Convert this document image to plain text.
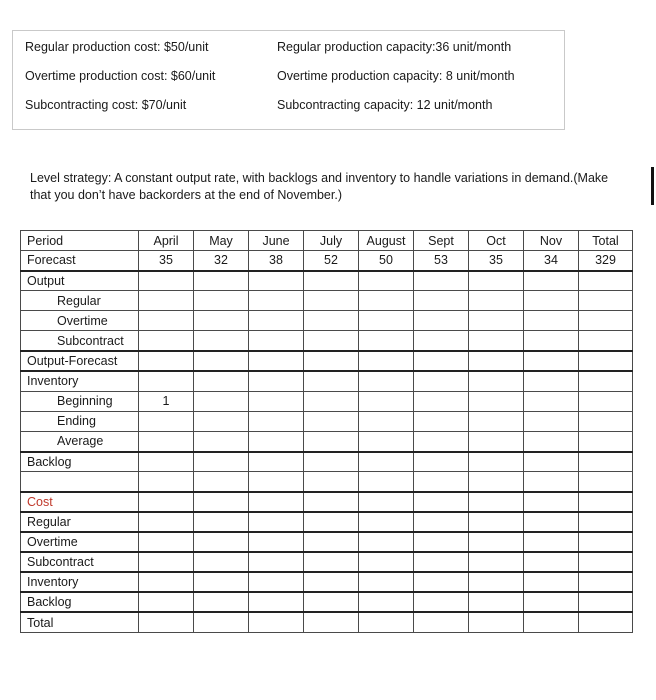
Regular production cost: $50/unit
Overtime production cost: $60/unit
Subcontracting cost: $70/unit
Regular production capacity:36 unit/month
Overtime production capacity: 8 unit/month
Subcontracting capacity: 12 unit/month
Level strategy: A constant output rate, with backlogs and inventory to handle variations in demand.(Make
that you don’t have backorders at the end of November.)
Period	April	May	June	July	August	Sept	Oct	Nov	Total
Forecast	35	32	38	52	50	53	35	34	329
Output									
Regular									
Overtime									
Subcontract									
Output-Forecast									
Inventory									
Beginning	1								
Ending									
Average									
Backlog									

Cost									
Regular									
Overtime									
Subcontract									
Inventory									
Backlog									
Total									
